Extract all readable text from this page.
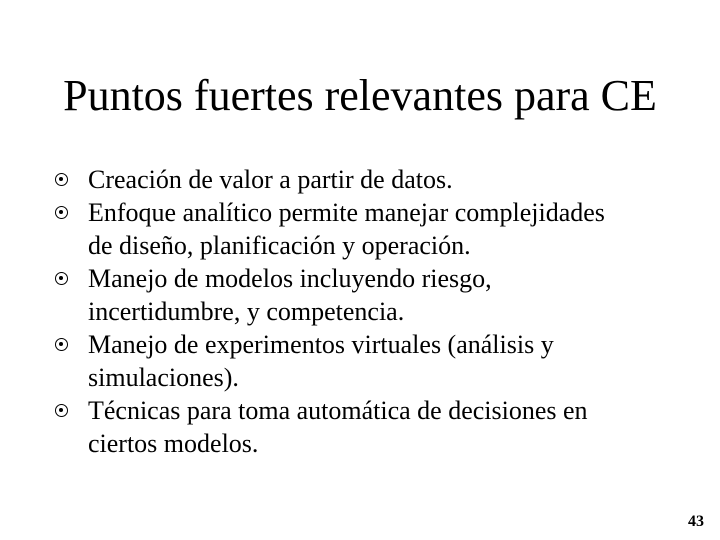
Puntos fuertes relevantes para CE
Creación de valor a partir de datos.
Enfoque analítico permite manejar complejidades
de diseño, planificación y operación.
Manejo de modelos incluyendo riesgo,
incertidumbre, y competencia.
Manejo de experimentos virtuales (análisis y
simulaciones).
Técnicas para toma automática de decisiones en
ciertos modelos.
43
